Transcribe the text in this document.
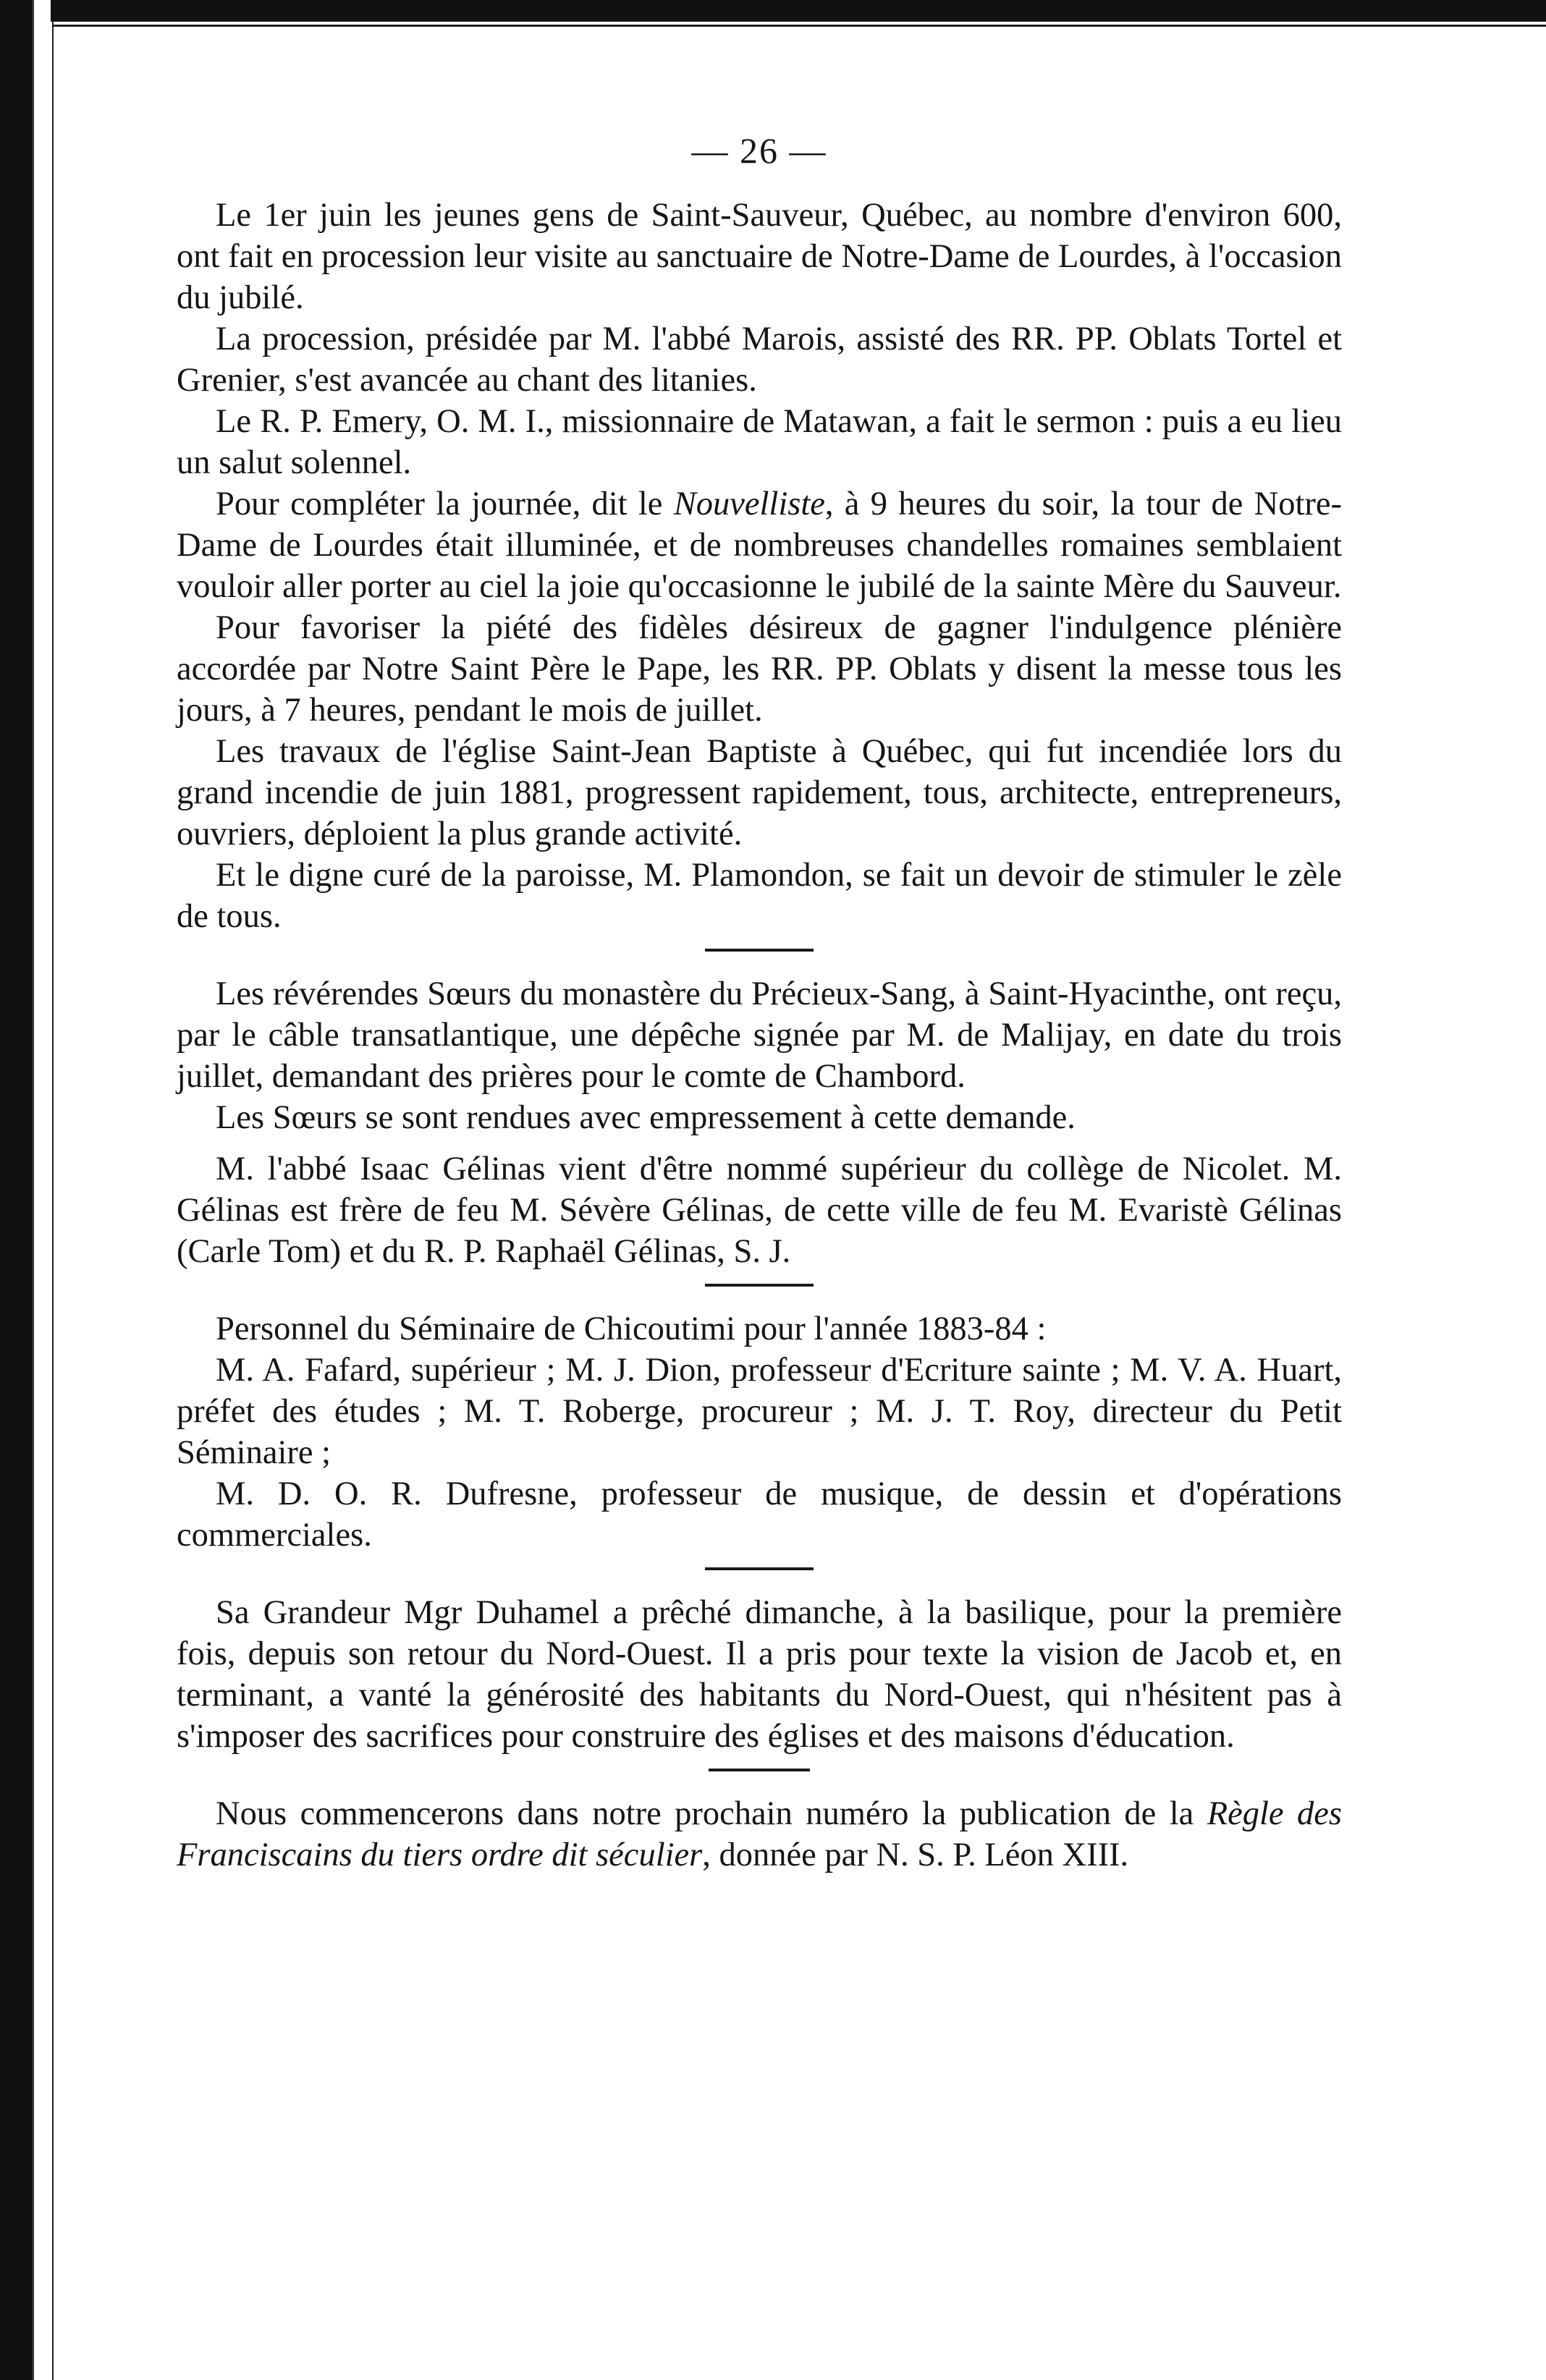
— 26 —

Le 1er juin les jeunes gens de Saint-Sauveur, Québec, au nombre d'environ 600, ont fait en procession leur visite au sanctuaire de Notre-Dame de Lourdes, à l'occasion du jubilé.

La procession, présidée par M. l'abbé Marois, assisté des RR. PP. Oblats Tortel et Grenier, s'est avancée au chant des litanies.

Le R. P. Emery, O. M. I., missionnaire de Matawan, a fait le sermon : puis a eu lieu un salut solennel.

Pour compléter la journée, dit le Nouvelliste, à 9 heures du soir, la tour de Notre-Dame de Lourdes était illuminée, et de nombreuses chandelles romaines semblaient vouloir aller porter au ciel la joie qu'occasionne le jubilé de la sainte Mère du Sauveur.

Pour favoriser la piété des fidèles désireux de gagner l'indulgence plénière accordée par Notre Saint Père le Pape, les RR. PP. Oblats y disent la messe tous les jours, à 7 heures, pendant le mois de juillet.

Les travaux de l'église Saint-Jean Baptiste à Québec, qui fut incendiée lors du grand incendie de juin 1881, progressent rapidement, tous, architecte, entrepreneurs, ouvriers, déploient la plus grande activité.

Et le digne curé de la paroisse, M. Plamondon, se fait un devoir de stimuler le zèle de tous.

Les révérendes Sœurs du monastère du Précieux-Sang, à Saint-Hyacinthe, ont reçu, par le câble transatlantique, une dépêche signée par M. de Malijay, en date du trois juillet, demandant des prières pour le comte de Chambord.

Les Sœurs se sont rendues avec empressement à cette demande.

M. l'abbé Isaac Gélinas vient d'être nommé supérieur du collège de Nicolet. M. Gélinas est frère de feu M. Sévère Gélinas, de cette ville de feu M. Evaristè Gélinas (Carle Tom) et du R. P. Raphaël Gélinas, S. J.

Personnel du Séminaire de Chicoutimi pour l'année 1883-84 :

M. A. Fafard, supérieur ; M. J. Dion, professeur d'Ecriture sainte ; M. V. A. Huart, préfet des études ; M. T. Roberge, procureur ; M. J. T. Roy, directeur du Petit Séminaire ;

M. D. O. R. Dufresne, professeur de musique, de dessin et d'opérations commerciales.

Sa Grandeur Mgr Duhamel a prêché dimanche, à la basilique, pour la première fois, depuis son retour du Nord-Ouest. Il a pris pour texte la vision de Jacob et, en terminant, a vanté la générosité des habitants du Nord-Ouest, qui n'hésitent pas à s'imposer des sacrifices pour construire des églises et des maisons d'éducation.

Nous commencerons dans notre prochain numéro la publication de la Règle des Franciscains du tiers ordre dit séculier, donnée par N. S. P. Léon XIII.
